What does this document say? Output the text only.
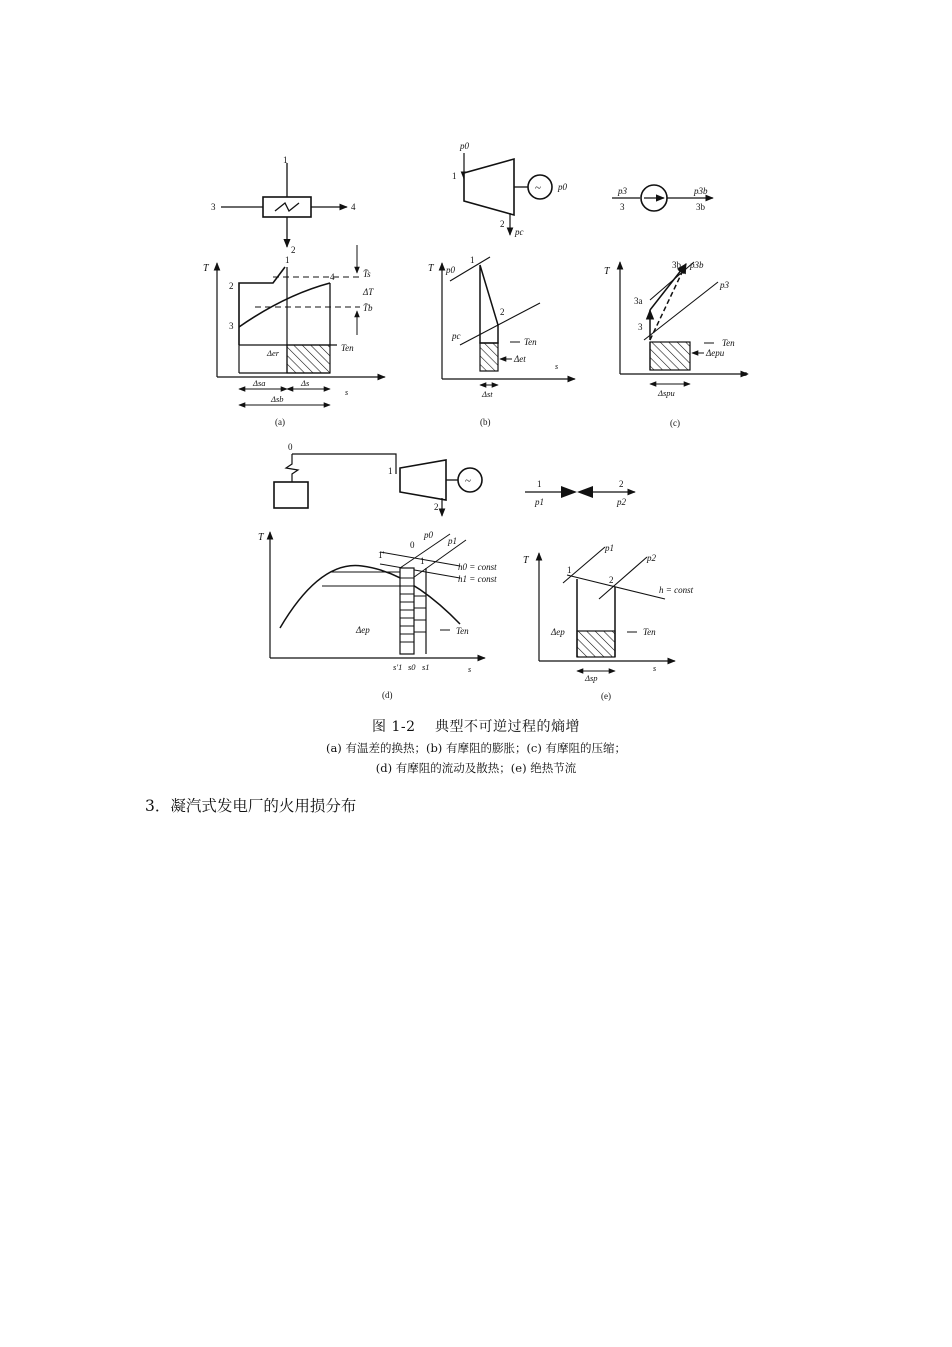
1
2
3	4
T
s
1
2
3
4	T̄s
ΔT
T̄b
Ten
Δer
Δsa	Δs
Δsb
(a)
p0
1
~ p0
2
pc
T
s
p0
1
2
pc
Ten
Δet
Δst
(b)
p3
3
p3b
3b
T
s
3b p3b
p3
3a
3
Ten
Δepu
Δspu
(c)
0
1
~
2
T
s
1′
0
p0
p1
1
h0 = const
h1 = const
Δep	Ten
s′1 s0 s1
(d)
1
p1
2
p2
T
s
p1
p2
1
2
h = const
Δep	Ten
Δsp
(e)
图 1-2　 典型不可逆过程的熵增
(a) 有温差的换热；(b) 有摩阻的膨胀；(c) 有摩阻的压缩；
(d) 有摩阻的流动及散热；(e) 绝热节流
3．凝汽式发电厂的火用损分布
